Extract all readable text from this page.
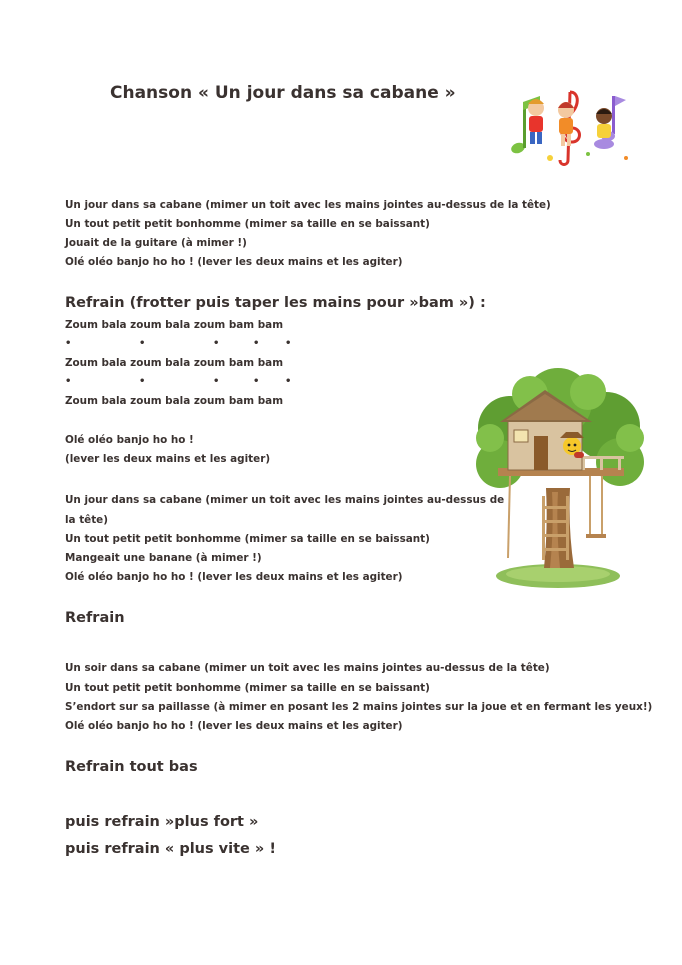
Chanson « Un jour dans sa cabane »

Un jour dans sa cabane (mimer un toit avec les mains jointes au-dessus de la tête)

Un tout petit petit bonhomme (mimer sa taille en se baissant)

Jouait de la guitare (à mimer !)

Olé oléo banjo ho ho ! (lever les deux mains et les agiter)

Refrain (frotter puis taper les mains pour »bam ») :

Zoum bala zoum bala zoum bam bam

•	•	•	•	•

Zoum bala zoum bala zoum bam bam

•	•	•	•	•

Zoum bala zoum bala zoum bam bam

Olé oléo banjo ho ho !

(lever les deux mains et les agiter)

Un jour dans sa cabane (mimer un toit avec les mains jointes au-dessus de

la tête)

Un tout petit petit bonhomme (mimer sa taille en se baissant)

Mangeait une banane (à mimer !)

Olé oléo banjo ho ho ! (lever les deux mains et les agiter)

Refrain

Un soir dans sa cabane (mimer un toit avec les mains jointes au-dessus de la tête)

Un tout petit petit bonhomme (mimer sa taille en se baissant)

S’endort sur sa paillasse (à mimer en posant les 2 mains jointes sur la joue et en fermant les yeux!)

Olé oléo banjo ho ho ! (lever les deux mains et les agiter)

Refrain tout bas
puis refrain »plus fort »
puis refrain « plus vite » !
